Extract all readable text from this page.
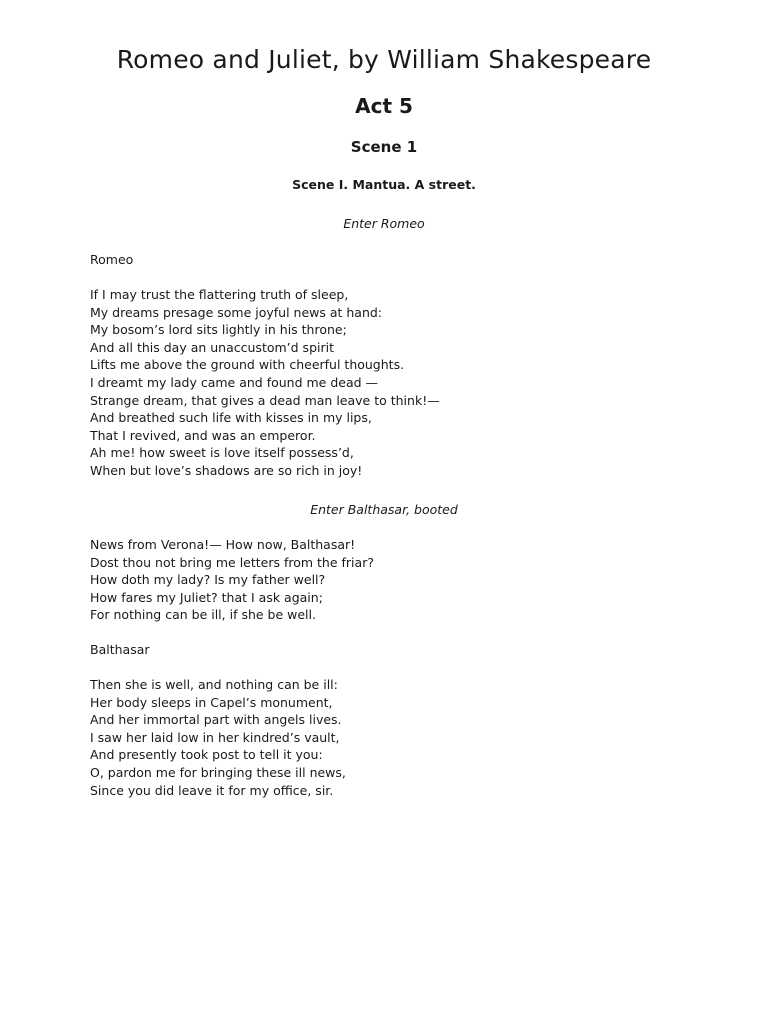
Romeo and Juliet, by William Shakespeare
Act 5
Scene 1

Scene I. Mantua. A street.

Enter Romeo

Romeo

If I may trust the flattering truth of sleep,
My dreams presage some joyful news at hand:
My bosom’s lord sits lightly in his throne;
And all this day an unaccustom’d spirit
Lifts me above the ground with cheerful thoughts.
I dreamt my lady came and found me dead —
Strange dream, that gives a dead man leave to think!—
And breathed such life with kisses in my lips,
That I revived, and was an emperor.
Ah me! how sweet is love itself possess’d,
When but love’s shadows are so rich in joy!

Enter Balthasar, booted

News from Verona!— How now, Balthasar!
Dost thou not bring me letters from the friar?
How doth my lady? Is my father well?
How fares my Juliet? that I ask again;
For nothing can be ill, if she be well.

Balthasar

Then she is well, and nothing can be ill:
Her body sleeps in Capel’s monument,
And her immortal part with angels lives.
I saw her laid low in her kindred’s vault,
And presently took post to tell it you:
O, pardon me for bringing these ill news,
Since you did leave it for my office, sir.
